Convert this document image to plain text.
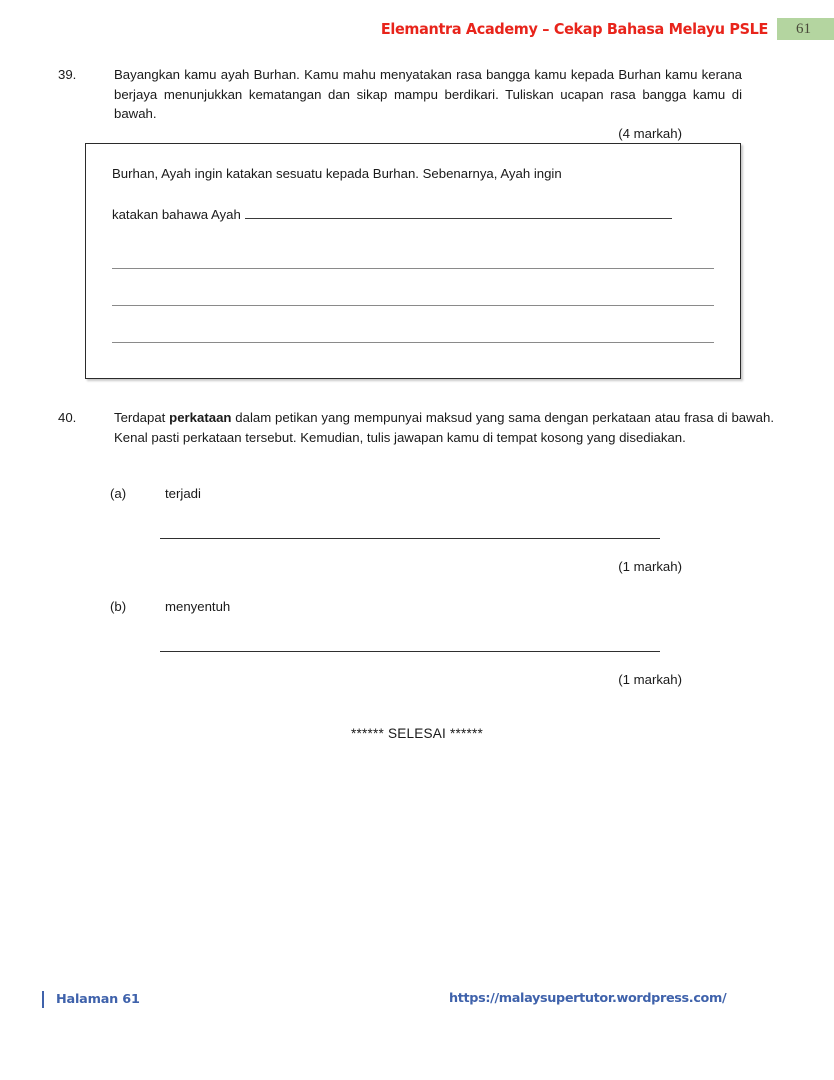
Elemantra Academy – Cekap Bahasa Melayu PSLE	61
39.	Bayangkan kamu ayah Burhan. Kamu mahu menyatakan rasa bangga kamu kepada Burhan kamu kerana berjaya menunjukkan kematangan dan sikap mampu berdikari. Tuliskan ucapan rasa bangga kamu di bawah.
(4 markah)
Burhan, Ayah ingin katakan sesuatu kepada Burhan. Sebenarnya, Ayah ingin
katakan bahawa Ayah
40.	Terdapat perkataan dalam petikan yang mempunyai maksud yang sama dengan perkataan atau frasa di bawah. Kenal pasti perkataan tersebut. Kemudian, tulis jawapan kamu di tempat kosong yang disediakan.
(a)	terjadi
(1 markah)
(b)	menyentuh
(1 markah)
****** SELESAI ******
Halaman 61	https://malaysupertutor.wordpress.com/
